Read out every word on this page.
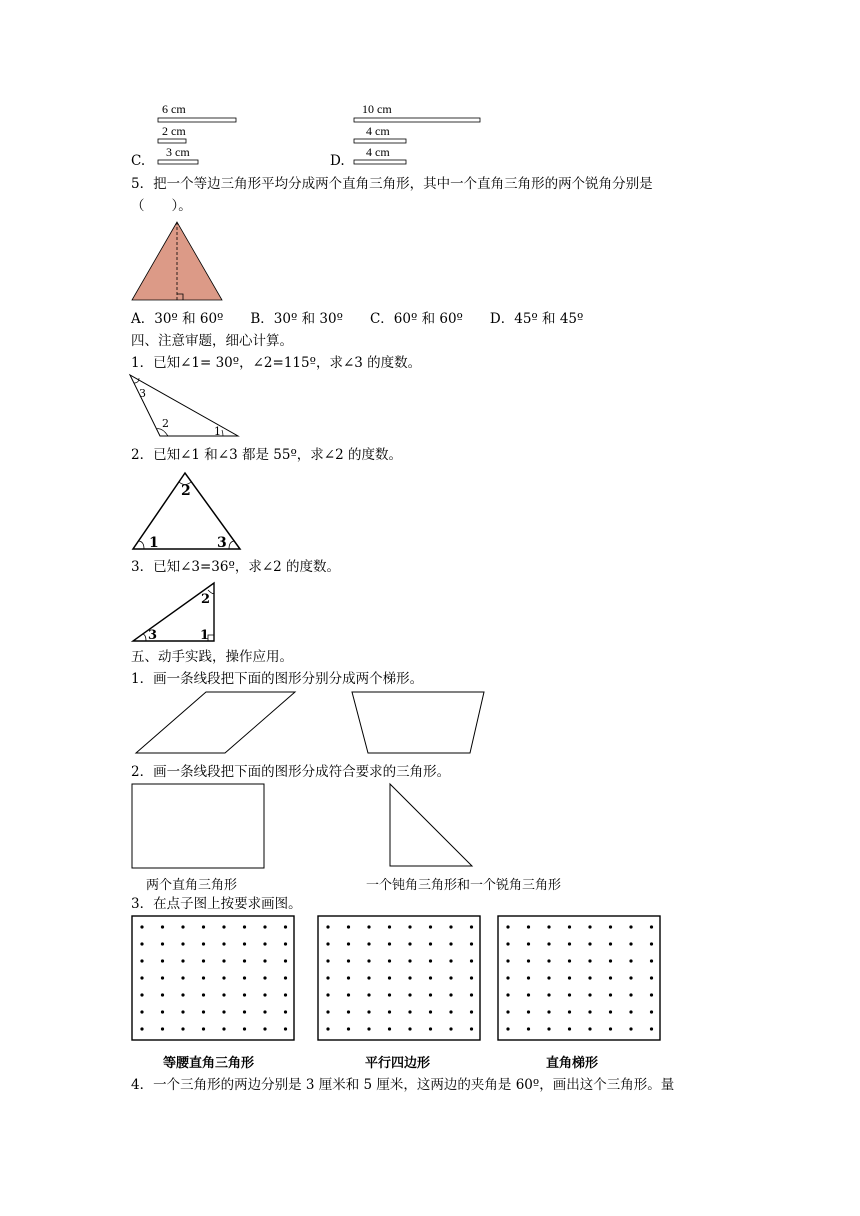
6 cm
2 cm
3 cm
C.
10 cm
4 cm
4 cm
D.
5．把一个等边三角形平均分成两个直角三角形，其中一个直角三角形的两个锐角分别是
（　　）。
A．30º 和 60º　　B．30º 和 30º　　C．60º 和 60º　　D．45º 和 45º
四、注意审题，细心计算。
1．已知∠1= 30º，∠2=115º，求∠3 的度数。
3
2
1
2．已知∠1 和∠3 都是 55º，求∠2 的度数。
2
1	3
3．已知∠3=36º，求∠2 的度数。
3
2
1
五、动手实践，操作应用。
1．画一条线段把下面的图形分别分成两个梯形。
2．画一条线段把下面的图形分成符合要求的三角形。
两个直角三角形	一个钝角三角形和一个锐角三角形
3．在点子图上按要求画图。
等腰直角三角形	平行四边形	直角梯形
4．一个三角形的两边分别是 3 厘米和 5 厘米，这两边的夹角是 60º，画出这个三角形。量
